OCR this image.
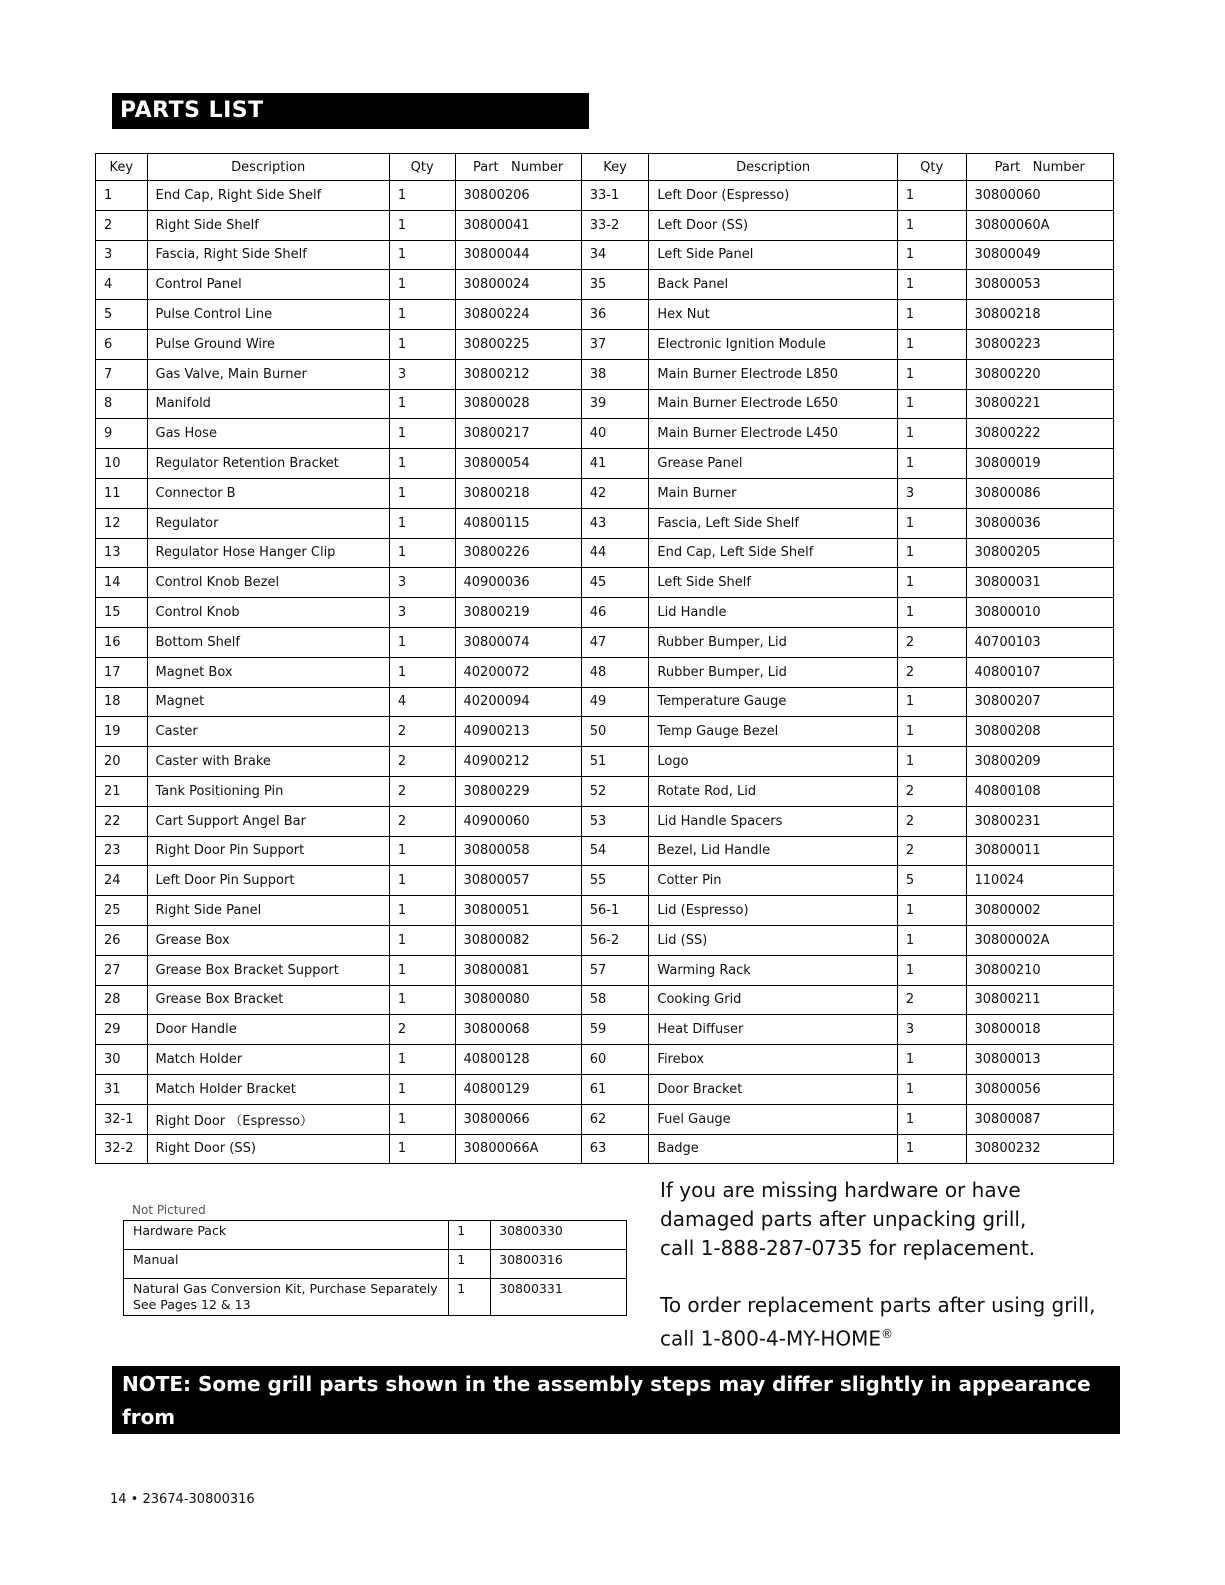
PARTS LIST
Key	Description	Qty	Part   Number	Key	Description	Qty	Part   Number
1	End Cap, Right Side Shelf	1	30800206	33-1	Left Door (Espresso)	1	30800060
2	Right Side Shelf	1	30800041	33-2	Left Door (SS)	1	30800060A
3	Fascia, Right Side Shelf	1	30800044	34	Left Side Panel	1	30800049
4	Control Panel	1	30800024	35	Back Panel	1	30800053
5	Pulse Control Line	1	30800224	36	Hex Nut	1	30800218
6	Pulse Ground Wire	1	30800225	37	Electronic Ignition Module	1	30800223
7	Gas Valve, Main Burner	3	30800212	38	Main Burner Electrode L850	1	30800220
8	Manifold	1	30800028	39	Main Burner Electrode L650	1	30800221
9	Gas Hose	1	30800217	40	Main Burner Electrode L450	1	30800222
10	Regulator Retention Bracket	1	30800054	41	Grease Panel	1	30800019
11	Connector B	1	30800218	42	Main Burner	3	30800086
12	Regulator	1	40800115	43	Fascia, Left Side Shelf	1	30800036
13	Regulator Hose Hanger Clip	1	30800226	44	End Cap, Left Side Shelf	1	30800205
14	Control Knob Bezel	3	40900036	45	Left Side Shelf	1	30800031
15	Control Knob	3	30800219	46	Lid Handle	1	30800010
16	Bottom Shelf	1	30800074	47	Rubber Bumper, Lid	2	40700103
17	Magnet Box	1	40200072	48	Rubber Bumper, Lid	2	40800107
18	Magnet	4	40200094	49	Temperature Gauge	1	30800207
19	Caster	2	40900213	50	Temp Gauge Bezel	1	30800208
20	Caster with Brake	2	40900212	51	Logo	1	30800209
21	Tank Positioning Pin	2	30800229	52	Rotate Rod, Lid	2	40800108
22	Cart Support Angel Bar	2	40900060	53	Lid Handle Spacers	2	30800231
23	Right Door Pin Support	1	30800058	54	Bezel, Lid Handle	2	30800011
24	Left Door Pin Support	1	30800057	55	Cotter Pin	5	110024
25	Right Side Panel	1	30800051	56-1	Lid (Espresso)	1	30800002
26	Grease Box	1	30800082	56-2	Lid (SS)	1	30800002A
27	Grease Box Bracket Support	1	30800081	57	Warming Rack	1	30800210
28	Grease Box Bracket	1	30800080	58	Cooking Grid	2	30800211
29	Door Handle	2	30800068	59	Heat Diffuser	3	30800018
30	Match Holder	1	40800128	60	Firebox	1	30800013
31	Match Holder Bracket	1	40800129	61	Door Bracket	1	30800056
32-1	Right Door （Espresso）	1	30800066	62	Fuel Gauge	1	30800087
32-2	Right Door (SS)	1	30800066A	63	Badge	1	30800232
Not Pictured
Hardware Pack	1	30800330
Manual	1	30800316

Natural Gas Conversion Kit, Purchase Separately
See Pages 12 & 13	1	30800331
If you are missing hardware or have
damaged parts after unpacking grill,
call 1-888-287-0735 for replacement.
To order replacement parts after using grill,
call 1-800-4-MY-HOME®
NOTE: Some grill parts shown in the assembly steps may differ slightly in appearance from
those on your particular grill model. However, the method of assembly remains the same.
14 • 23674-30800316
